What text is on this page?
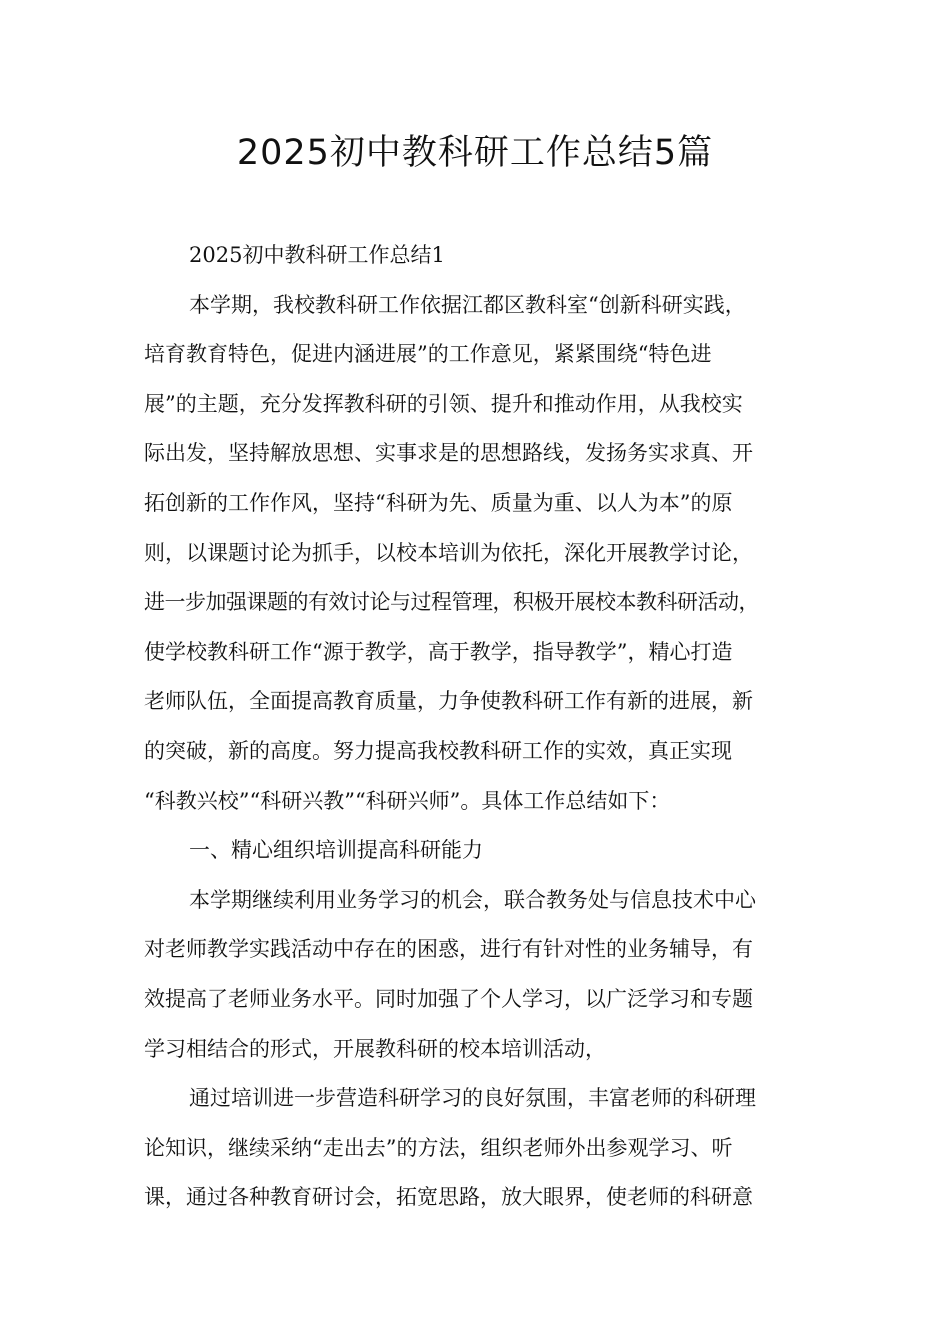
2025初中教科研工作总结5篇
2025初中教科研工作总结1
本学期，我校教科研工作依据江都区教科室“创新科研实践，
培育教育特色，促进内涵进展”的工作意见，紧紧围绕“特色进
展”的主题，充分发挥教科研的引领、提升和推动作用，从我校实
际出发，坚持解放思想、实事求是的思想路线，发扬务实求真、开
拓创新的工作作风，坚持“科研为先、质量为重、以人为本”的原
则，以课题讨论为抓手，以校本培训为依托，深化开展教学讨论，
进一步加强课题的有效讨论与过程管理，积极开展校本教科研活动，
使学校教科研工作“源于教学，高于教学，指导教学”，精心打造
老师队伍，全面提高教育质量，力争使教科研工作有新的进展，新
的突破，新的高度。努力提高我校教科研工作的实效，真正实现
“科教兴校”“科研兴教”“科研兴师”。具体工作总结如下：
一、精心组织培训提高科研能力
本学期继续利用业务学习的机会，联合教务处与信息技术中心
对老师教学实践活动中存在的困惑，进行有针对性的业务辅导，有
效提高了老师业务水平。同时加强了个人学习，以广泛学习和专题
学习相结合的形式，开展教科研的校本培训活动，
通过培训进一步营造科研学习的良好氛围，丰富老师的科研理
论知识，继续采纳“走出去”的方法，组织老师外出参观学习、听
课，通过各种教育研讨会，拓宽思路，放大眼界，使老师的科研意
